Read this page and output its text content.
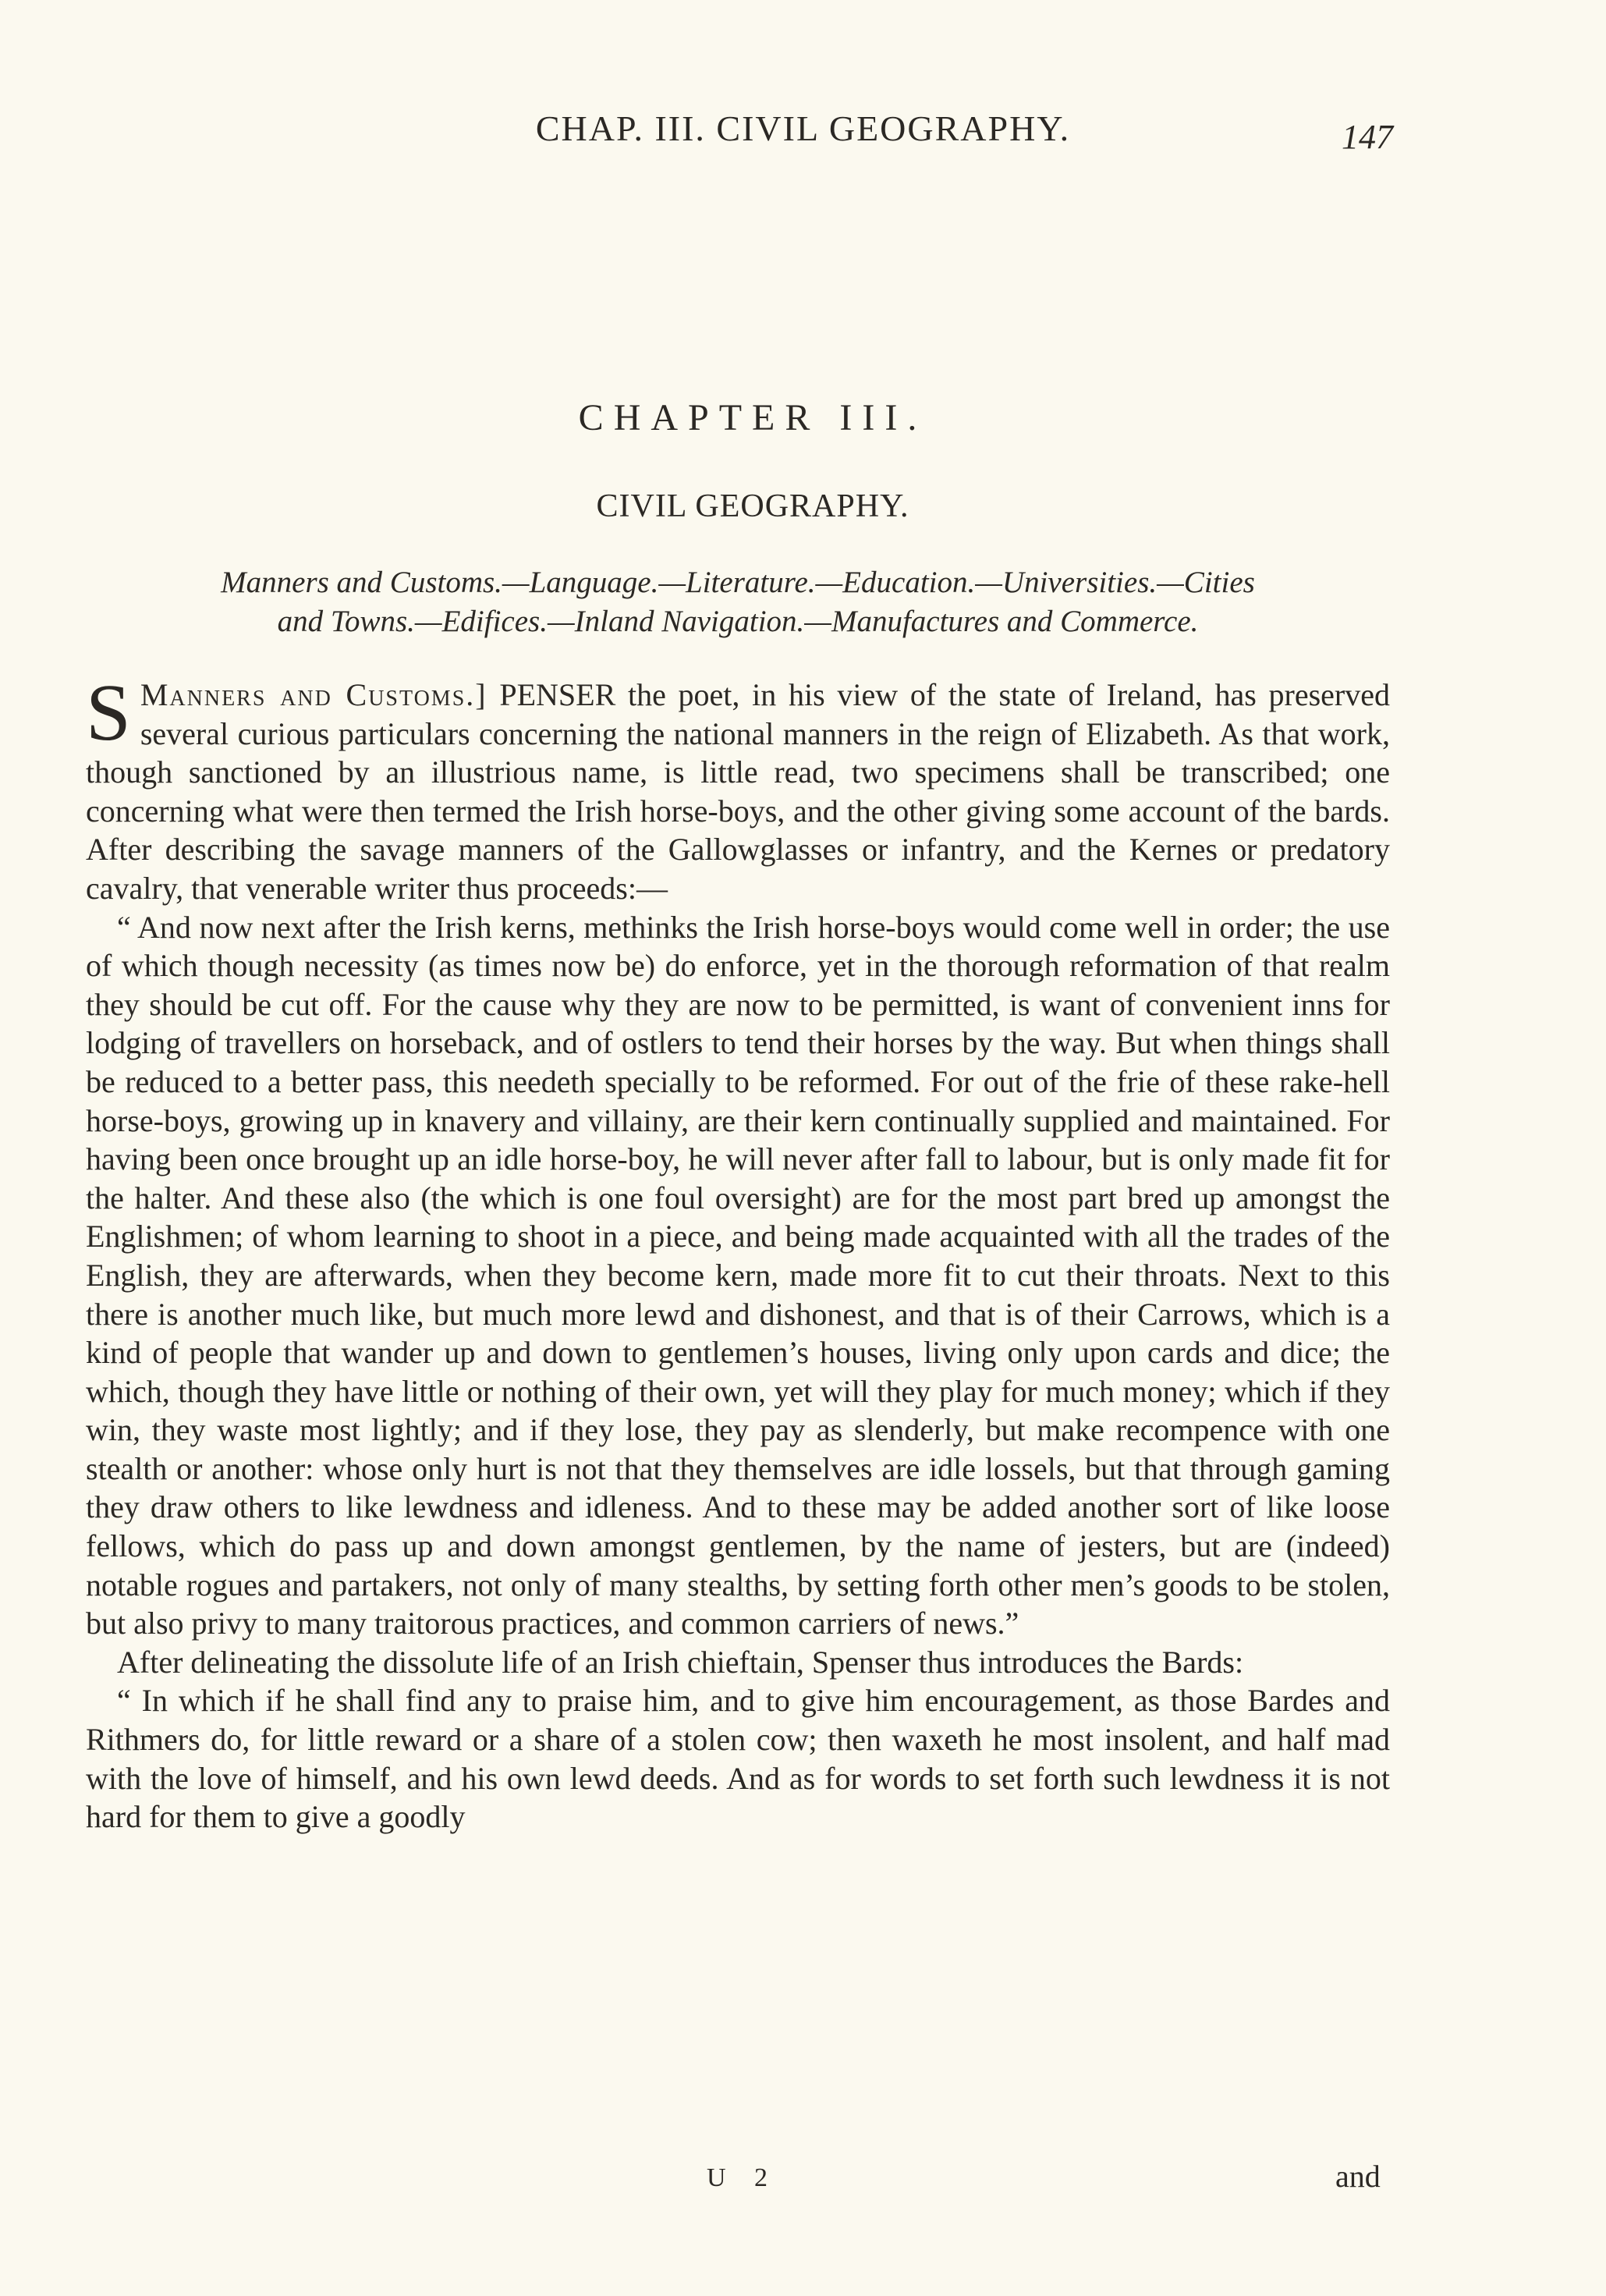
CHAP. III. CIVIL GEOGRAPHY.	147
CHAPTER III.
CIVIL GEOGRAPHY.
Manners and Customs.—Language.—Literature.—Education.—Universities.—Cities
and Towns.—Edifices.—Inland Navigation.—Manufactures and Commerce.

Manners and Customs.]
S	PENSER the poet, in his view of the state of Ireland, has preserved several curious particulars concerning the national manners in the reign of Elizabeth. As that work, though sanctioned by an illustrious name, is little read, two specimens shall be transcribed; one concerning what were then termed the Irish horse-boys, and the other giving some account of the bards. After describing the savage manners of the Gallowglasses or infantry, and the Kernes or predatory cavalry, that venerable writer thus proceeds:—

“ And now next after the Irish kerns, methinks the Irish horse-boys would come well in order; the use of which though necessity (as times now be) do enforce, yet in the thorough reformation of that realm they should be cut off. For the cause why they are now to be permitted, is want of convenient inns for lodging of travellers on horseback, and of ostlers to tend their horses by the way. But when things shall be reduced to a better pass, this needeth specially to be reformed. For out of the frie of these rake-hell horse-boys, growing up in knavery and villainy, are their kern continually supplied and maintained. For having been once brought up an idle horse-boy, he will never after fall to labour, but is only made fit for the halter. And these also (the which is one foul oversight) are for the most part bred up amongst the Englishmen; of whom learning to shoot in a piece, and being made acquainted with all the trades of the English, they are afterwards, when they become kern, made more fit to cut their throats. Next to this there is another much like, but much more lewd and dishonest, and that is of their Carrows, which is a kind of people that wander up and down to gentlemen’s houses, living only upon cards and dice; the which, though they have little or nothing of their own, yet will they play for much money; which if they win, they waste most lightly; and if they lose, they pay as slenderly, but make recompence with one stealth or another: whose only hurt is not that they themselves are idle lossels, but that through gaming they draw others to like lewdness and idleness. And to these may be added another sort of like loose fellows, which do pass up and down amongst gentlemen, by the name of jesters, but are (indeed) notable rogues and partakers, not only of many stealths, by setting forth other men’s goods to be stolen, but also privy to many traitorous practices, and common carriers of news.”

After delineating the dissolute life of an Irish chieftain, Spenser thus introduces the Bards:

“ In which if he shall find any to praise him, and to give him encouragement, as those Bardes and Rithmers do, for little reward or a share of a stolen cow; then waxeth he most insolent, and half mad with the love of himself, and his own lewd deeds. And as for words to set forth such lewdness it is not hard for them to give a goodly

U 2	and
